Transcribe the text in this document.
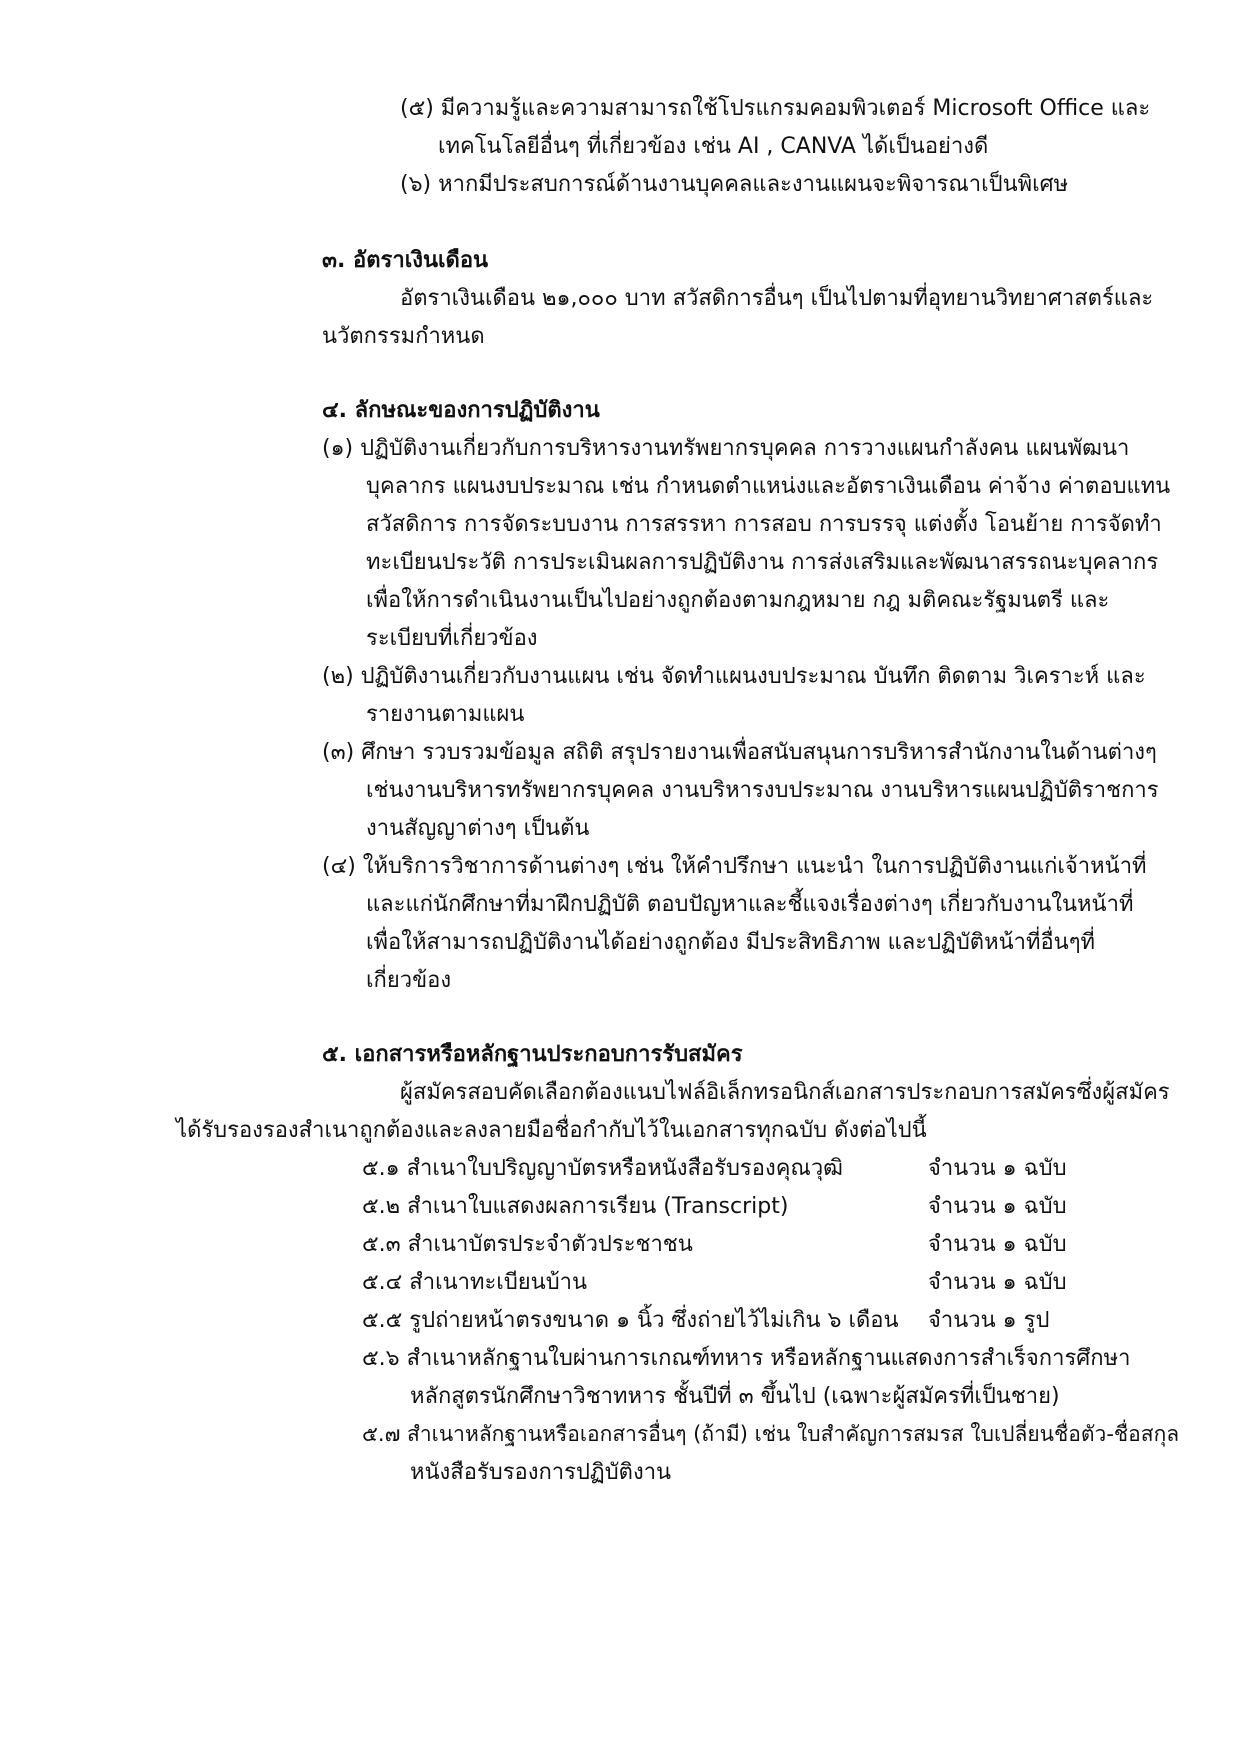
(๕) มีความรู้และความสามารถใช้โปรแกรมคอมพิวเตอร์ Microsoft Office และ
เทคโนโลยีอื่นๆ ที่เกี่ยวข้อง เช่น AI , CANVA ได้เป็นอย่างดี
(๖) หากมีประสบการณ์ด้านงานบุคคลและงานแผนจะพิจารณาเป็นพิเศษ
๓. อัตราเงินเดือน
อัตราเงินเดือน ๒๑,๐๐๐ บาท สวัสดิการอื่นๆ เป็นไปตามที่อุทยานวิทยาศาสตร์และ
นวัตกรรมกำหนด
๔. ลักษณะของการปฏิบัติงาน
(๑) ปฏิบัติงานเกี่ยวกับการบริหารงานทรัพยากรบุคคล การวางแผนกำลังคน แผนพัฒนา
บุคลากร แผนงบประมาณ เช่น กำหนดตำแหน่งและอัตราเงินเดือน ค่าจ้าง ค่าตอบแทน
สวัสดิการ การจัดระบบงาน การสรรหา การสอบ การบรรจุ แต่งตั้ง โอนย้าย การจัดทำ
ทะเบียนประวัติ การประเมินผลการปฏิบัติงาน การส่งเสริมและพัฒนาสรรถนะบุคลากร
เพื่อให้การดำเนินงานเป็นไปอย่างถูกต้องตามกฎหมาย กฎ มติคณะรัฐมนตรี และ
ระเบียบที่เกี่ยวข้อง
(๒) ปฏิบัติงานเกี่ยวกับงานแผน เช่น จัดทำแผนงบประมาณ บันทึก ติดตาม วิเคราะห์ และ
รายงานตามแผน
(๓) ศึกษา รวบรวมข้อมูล สถิติ สรุปรายงานเพื่อสนับสนุนการบริหารสำนักงานในด้านต่างๆ
เช่นงานบริหารทรัพยากรบุคคล งานบริหารงบประมาณ งานบริหารแผนปฏิบัติราชการ
งานสัญญาต่างๆ เป็นต้น
(๔) ให้บริการวิชาการด้านต่างๆ เช่น ให้คำปรึกษา แนะนำ ในการปฏิบัติงานแก่เจ้าหน้าที่
และแก่นักศึกษาที่มาฝึกปฏิบัติ ตอบปัญหาและชี้แจงเรื่องต่างๆ เกี่ยวกับงานในหน้าที่
เพื่อให้สามารถปฏิบัติงานได้อย่างถูกต้อง มีประสิทธิภาพ และปฏิบัติหน้าที่อื่นๆที่
เกี่ยวข้อง
๕. เอกสารหรือหลักฐานประกอบการรับสมัคร
ผู้สมัครสอบคัดเลือกต้องแนบไฟล์อิเล็กทรอนิกส์เอกสารประกอบการสมัครซึ่งผู้สมัคร
ได้รับรองรองสำเนาถูกต้องและลงลายมือชื่อกำกับไว้ในเอกสารทุกฉบับ ดังต่อไปนี้
๕.๑ สำเนาใบปริญญาบัตรหรือหนังสือรับรองคุณวุฒิ	จำนวน ๑ ฉบับ
๕.๒ สำเนาใบแสดงผลการเรียน (Transcript)	จำนวน ๑ ฉบับ
๕.๓ สำเนาบัตรประจำตัวประชาชน	จำนวน ๑ ฉบับ
๕.๔ สำเนาทะเบียนบ้าน	จำนวน ๑ ฉบับ
๕.๕ รูปถ่ายหน้าตรงขนาด ๑ นิ้ว ซึ่งถ่ายไว้ไม่เกิน ๖ เดือน จำนวน ๑ รูป
๕.๖ สำเนาหลักฐานใบผ่านการเกณฑ์ทหาร หรือหลักฐานแสดงการสำเร็จการศึกษา
หลักสูตรนักศึกษาวิชาทหาร ชั้นปีที่ ๓ ขึ้นไป (เฉพาะผู้สมัครที่เป็นชาย)
๕.๗ สำเนาหลักฐานหรือเอกสารอื่นๆ (ถ้ามี) เช่น ใบสำคัญการสมรส ใบเปลี่ยนชื่อตัว-ชื่อสกุล
หนังสือรับรองการปฏิบัติงาน
